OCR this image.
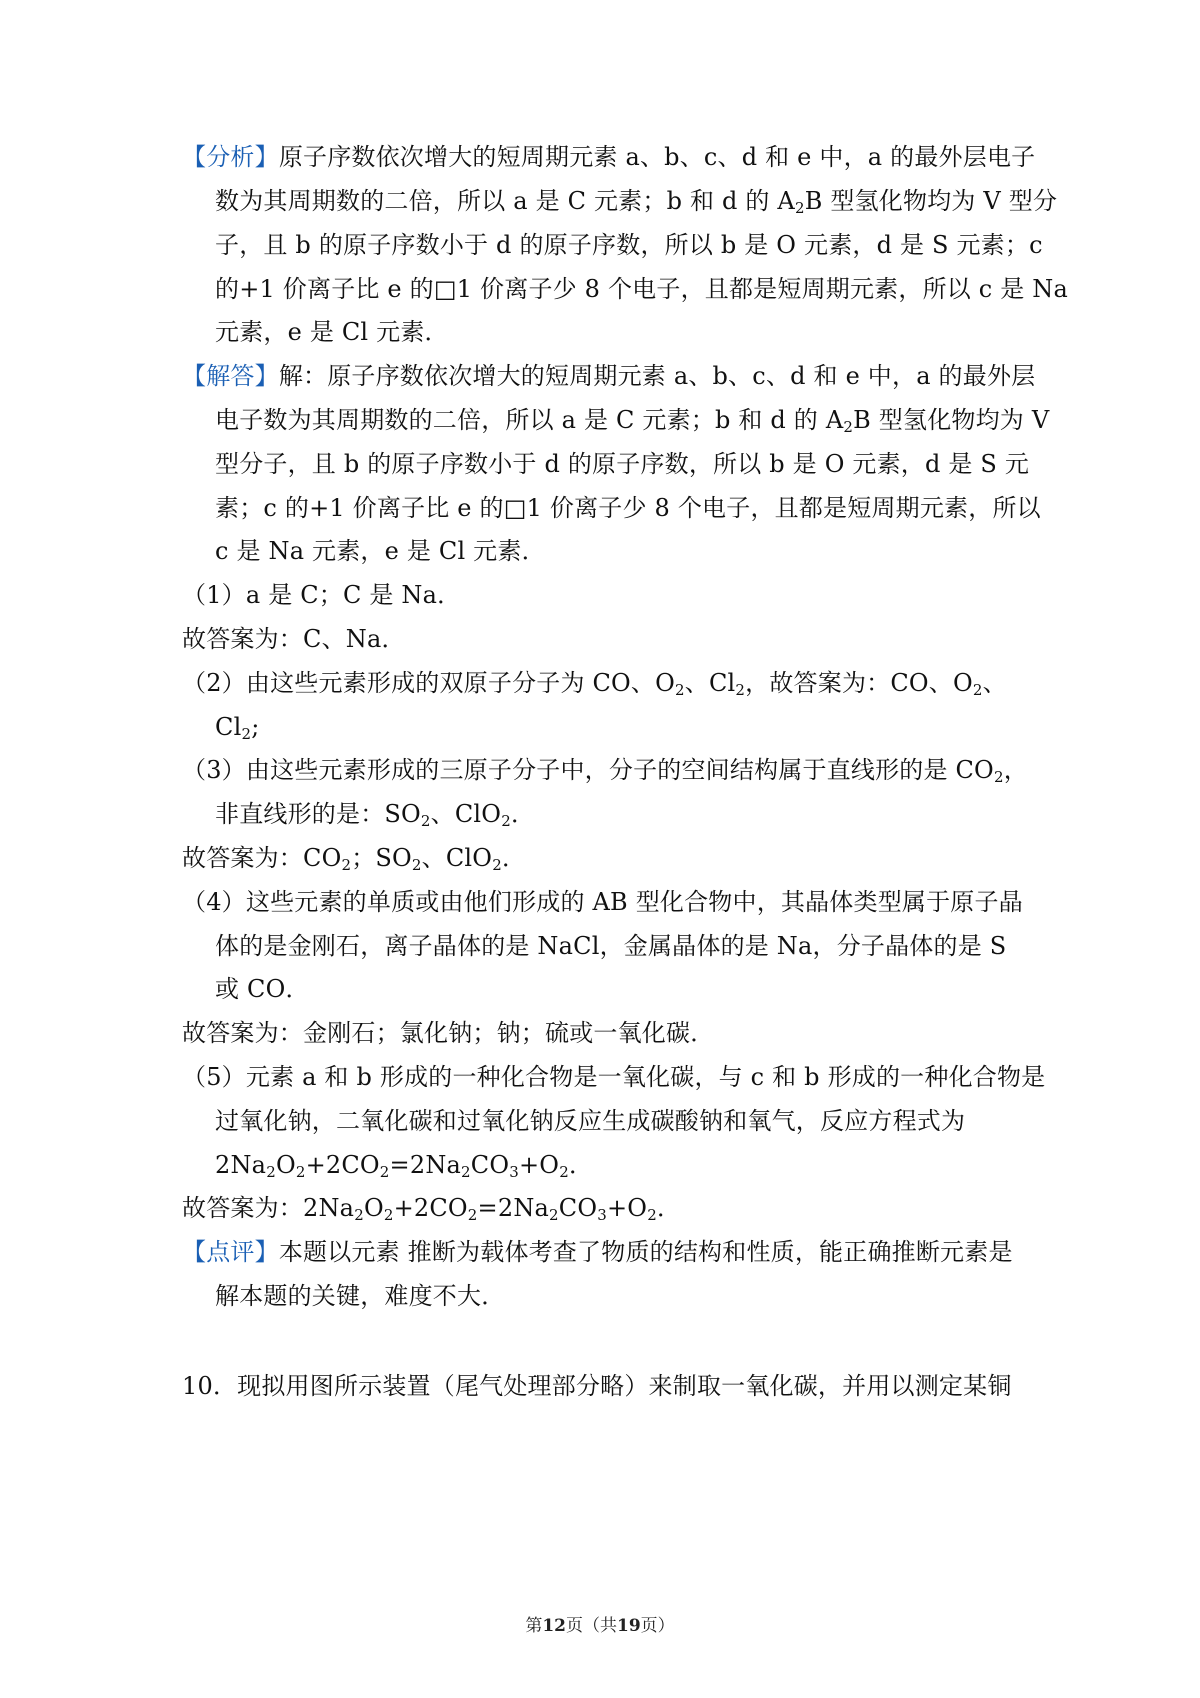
【分析】原子序数依次增大的短周期元素 a、b、c、d 和 e 中，a 的最外层电子
数为其周期数的二倍，所以 a 是 C 元素；b 和 d 的 $A_2B$ 型氢化物均为 V 型分
子，且 b 的原子序数小于 d 的原子序数，所以 b 是 O 元素，d 是 S 元素；c
的+1 价离子比 e 的□1 价离子少 8 个电子，且都是短周期元素，所以 c 是 Na
元素，e 是 Cl 元素．
【解答】解：原子序数依次增大的短周期元素 a、b、c、d 和 e 中，a 的最外层
电子数为其周期数的二倍，所以 a 是 C 元素；b 和 d 的 $A_2B$ 型氢化物均为 V
型分子，且 b 的原子序数小于 d 的原子序数，所以 b 是 O 元素，d 是 S 元
素；c 的+1 价离子比 e 的□1 价离子少 8 个电子，且都是短周期元素，所以
c 是 Na 元素，e 是 Cl 元素．
（1）a 是 C；C 是 Na．
故答案为：C、Na．
（2）由这些元素形成的双原子分子为 CO、$O_2$、$Cl_2$，故答案为：CO、$O_2$、
$Cl_2$;
（3）由这些元素形成的三原子分子中，分子的空间结构属于直线形的是 $CO_2$，
非直线形的是：$SO_2$、ClO$_2$．
故答案为：$CO_2$；$SO_2$、ClO$_2$．
（4）这些元素的单质或由他们形成的 AB 型化合物中，其晶体类型属于原子晶
体的是金刚石，离子晶体的是 NaCl，金属晶体的是 Na，分子晶体的是 S
或 CO．
故答案为：金刚石；氯化钠；钠；硫或一氧化碳．
（5）元素 a 和 b 形成的一种化合物是一氧化碳，与 c 和 b 形成的一种化合物是
过氧化钠，二氧化碳和过氧化钠反应生成碳酸钠和氧气，反应方程式为
$2Na_2O_2+2CO_2=2Na_2CO_3+O_2$．
故答案为：$2Na_2O_2+2CO_2=2Na_2CO_3+O_2$．
【点评】本题以元素 推断为载体考查了物质的结构和性质，能正确推断元素是
解本题的关键，难度不大．
10．现拟用图所示装置（尾气处理部分略）来制取一氧化碳，并用以测定某铜
第12页（共19页）
